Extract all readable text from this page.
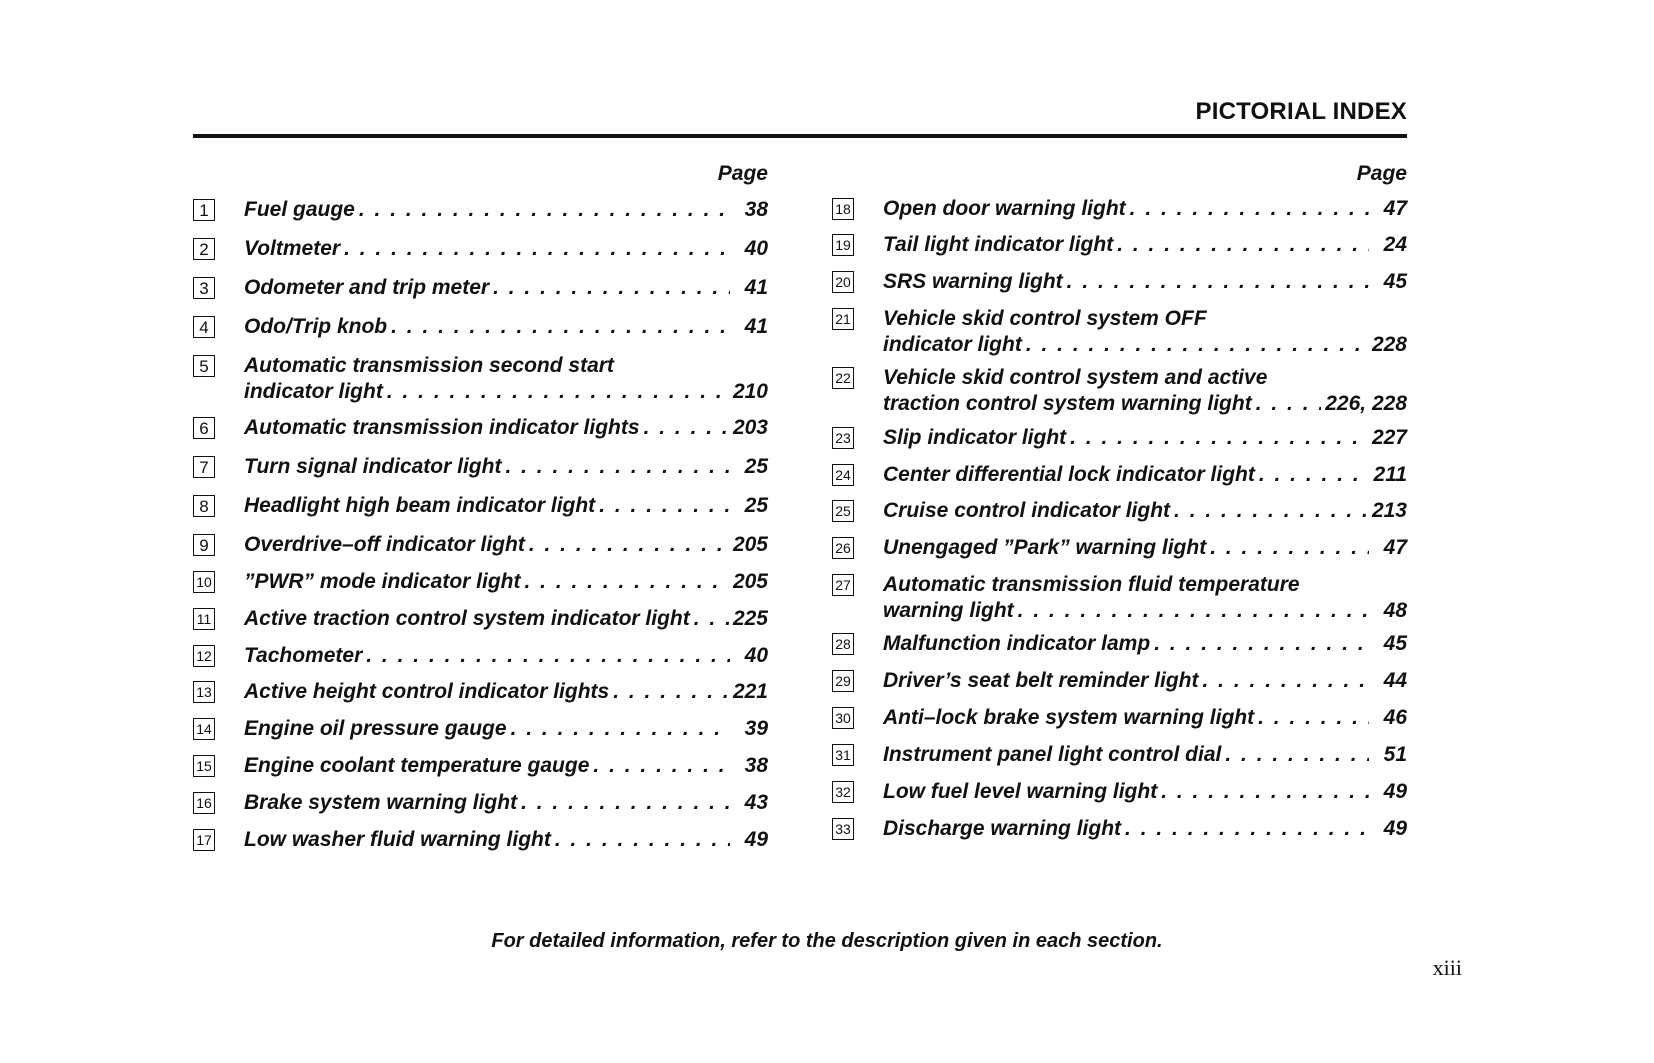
PICTORIAL INDEX
Page
1 Fuel gauge . . .	38
2 Voltmeter . . .	40
3 Odometer and trip meter . . .	41
4 Odo/Trip knob . . .	41
5 Automatic transmission second start
indicator light . . .	210
6 Automatic transmission indicator lights . . .	203
7 Turn signal indicator light . . .	25
8 Headlight high beam indicator light . . .	25
9 Overdrive–off indicator light . . .	205
10 ”PWR” mode indicator light . . .	205
11 Active traction control system indicator light . . . 225
12 Tachometer . . .	40
13 Active height control indicator lights . . .	221
14 Engine oil pressure gauge . . .	39
15 Engine coolant temperature gauge . . .	38
16 Brake system warning light . . .	43
17 Low washer fluid warning light . . .	49
Page
18 Open door warning light . . .	47
19 Tail light indicator light . . .	24
20 SRS warning light . . .	45
21 Vehicle skid control system OFF
indicator light . . .	228
22 Vehicle skid control system and active
traction control system warning light . . .	226, 228
23 Slip indicator light . . .	227
24 Center differential lock indicator light . . .	211
25 Cruise control indicator light . . .	213
26 Unengaged ”Park” warning light . . .	47
27 Automatic transmission fluid temperature
warning light . . .	48
28 Malfunction indicator lamp . . .	45
29 Driver’s seat belt reminder light . . .	44
30 Anti–lock brake system warning light . . .	46
31 Instrument panel light control dial . . .	51
32 Low fuel level warning light . . .	49
33 Discharge warning light . . .	49
For detailed information, refer to the description given in each section.
xiii
